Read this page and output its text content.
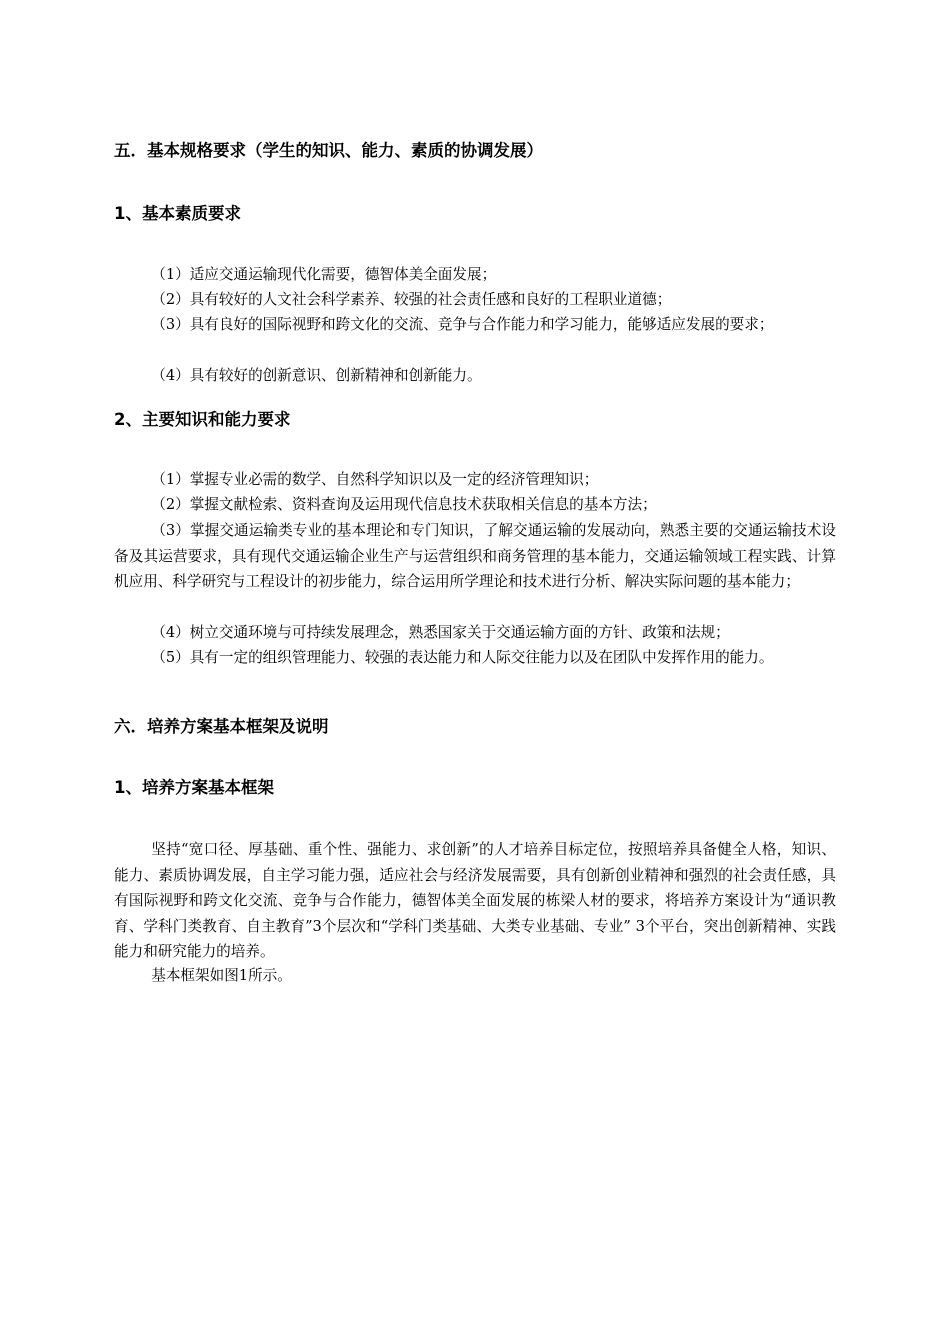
五．基本规格要求（学生的知识、能力、素质的协调发展）
1、基本素质要求

（1）适应交通运输现代化需要，德智体美全面发展；

（2）具有较好的人文社会科学素养、较强的社会责任感和良好的工程职业道德；

（3）具有良好的国际视野和跨文化的交流、竞争与合作能力和学习能力，能够适应发展的要求；

（4）具有较好的创新意识、创新精神和创新能力。

2、主要知识和能力要求

（1）掌握专业必需的数学、自然科学知识以及一定的经济管理知识；

（2）掌握文献检索、资料查询及运用现代信息技术获取相关信息的基本方法；

（3）掌握交通运输类专业的基本理论和专门知识，了解交通运输的发展动向，熟悉主要的交通运输技术设备及其运营要求，具有现代交通运输企业生产与运营组织和商务管理的基本能力，交通运输领域工程实践、计算机应用、科学研究与工程设计的初步能力，综合运用所学理论和技术进行分析、解决实际问题的基本能力；

（4）树立交通环境与可持续发展理念，熟悉国家关于交通运输方面的方针、政策和法规；

（5）具有一定的组织管理能力、较强的表达能力和人际交往能力以及在团队中发挥作用的能力。

六．培养方案基本框架及说明
1、培养方案基本框架

坚持“宽口径、厚基础、重个性、强能力、求创新”的人才培养目标定位，按照培养具备健全人格，知识、能力、素质协调发展，自主学习能力强，适应社会与经济发展需要，具有创新创业精神和强烈的社会责任感，具有国际视野和跨文化交流、竞争与合作能力，德智体美全面发展的栋梁人材的要求，将培养方案设计为“通识教育、学科门类教育、自主教育”3个层次和“学科门类基础、大类专业基础、专业” 3个平台，突出创新精神、实践能力和研究能力的培养。

基本框架如图1所示。
